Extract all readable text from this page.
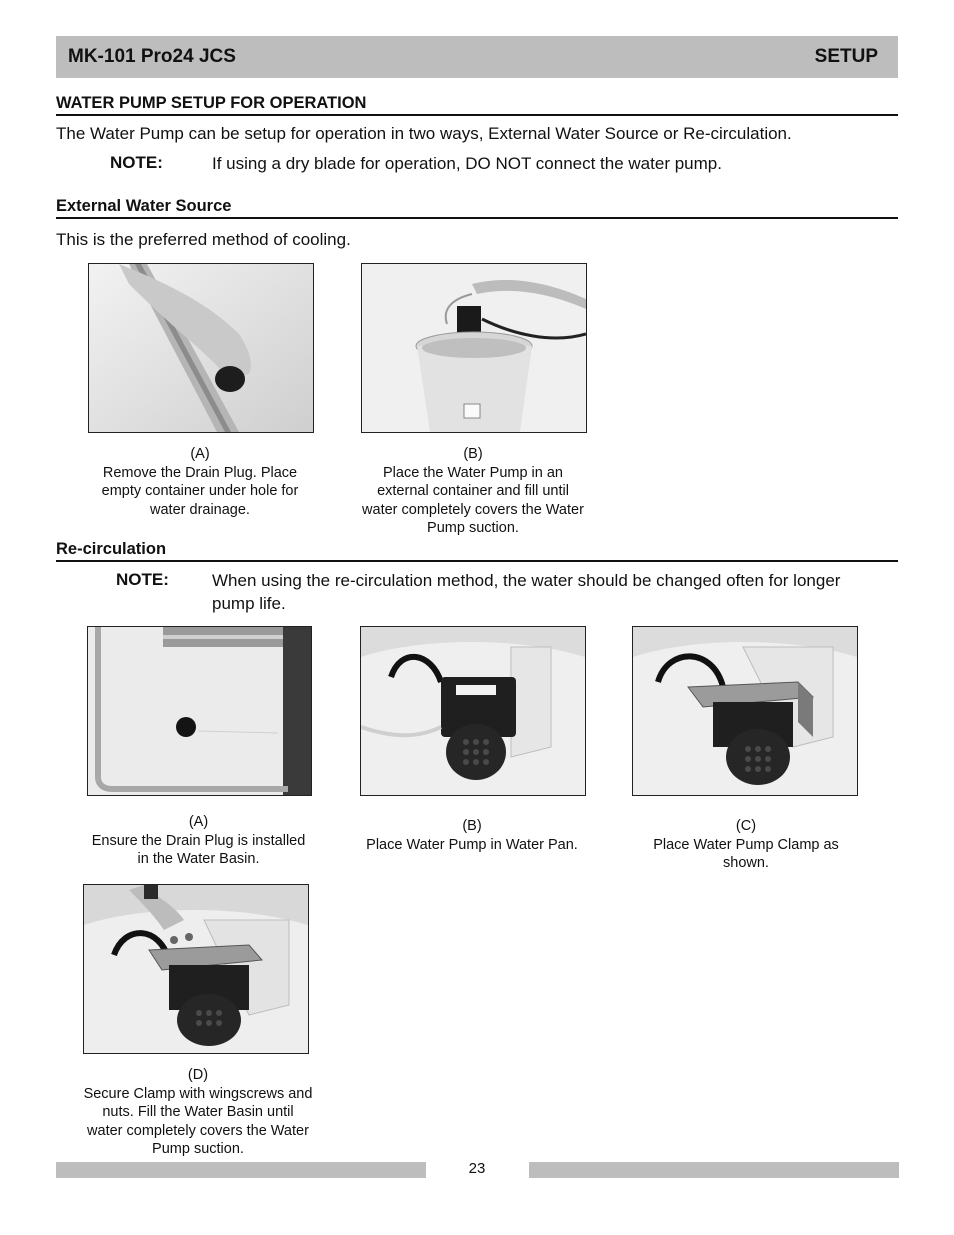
MK-101 Pro24 JCS	SETUP
WATER PUMP SETUP FOR OPERATION
The Water Pump can be setup for operation in two ways, External Water Source or Re-circulation.
NOTE:	If using a dry blade for operation, DO NOT connect the water pump.
External Water Source
This is the preferred method of cooling.
(A)
Remove the Drain Plug. Place empty container under hole for water drainage.
(B)
Place the Water Pump in an external container and fill until water completely covers the Water Pump suction.
Re-circulation
NOTE:	When using the re-circulation method, the water should be changed often for longer pump life.
(A)
Ensure the Drain Plug is installed in the Water Basin.
(B)
Place Water Pump in Water Pan.
(C)
Place Water Pump Clamp as shown.
(D)
Secure Clamp with wingscrews and nuts. Fill the Water Basin until water completely covers the Water Pump suction.
23
